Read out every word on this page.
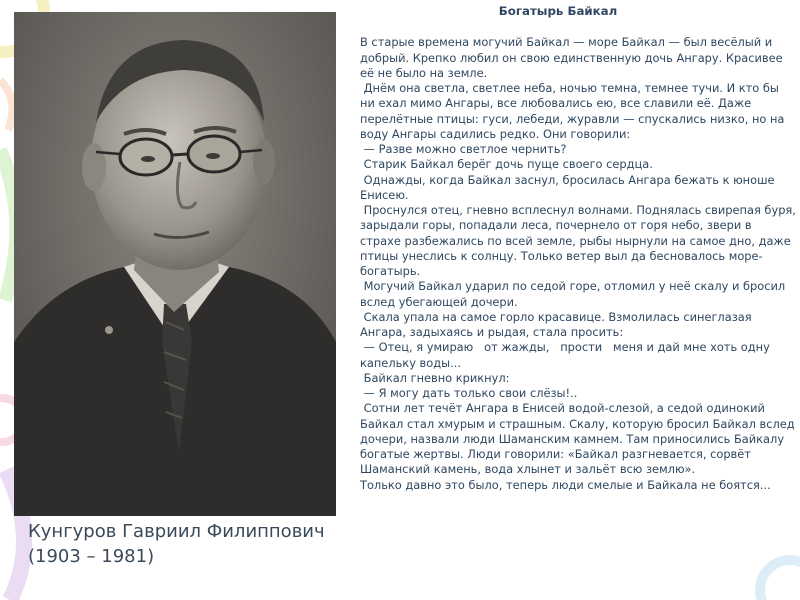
Кунгуров Гавриил Филиппович
(1903 – 1981)
Богатырь Байкал

В старые времена могучий Байкал — море Байкал — был весёлый и добрый. Крепко любил он свою единственную дочь Ангару. Красивее её не было на земле.

Днём она светла, светлее неба, ночью темна, темнее тучи. И кто бы ни ехал мимо Ангары, все любовались ею, все славили её. Даже перелётные птицы: гуси, лебеди, журавли — спускались низко, но на воду Ангары садились редко. Они говорили:

— Разве можно светлое чернить?

Старик Байкал берёг дочь пуще своего сердца.

Однажды, когда Байкал заснул, бросилась Ангара бежать к юноше Енисею.

Проснулся отец, гневно всплеснул волнами. Поднялась свирепая буря, зарыдали горы, попадали леса, почернело от горя небо, звери в страхе разбежались по всей земле, рыбы нырнули на самое дно, даже птицы унеслись к солнцу. Только ветер выл да бесновалось море-богатырь.

Могучий Байкал ударил по седой горе, отломил у неё скалу и бросил вслед убегающей дочери.

Скала упала на самое горло красавице. Взмолилась синеглазая Ангара, задыхаясь и рыдая, стала просить:

— Отец, я умираю   от жажды,   прости   меня и дай мне хоть одну капельку воды...

Байкал гневно крикнул:

— Я могу дать только свои слёзы!..

Сотни лет течёт Ангара в Енисей водой-слезой, а седой одинокий Байкал стал хмурым и страшным. Скалу, которую бросил Байкал вслед дочери, назвали люди Шаманским камнем. Там приносились Байкалу богатые жертвы. Люди говорили: «Байкал разгневается, сорвёт Шаманский камень, вода хлынет и зальёт всю землю».

Только давно это было, теперь люди смелые и Байкала не боятся...
